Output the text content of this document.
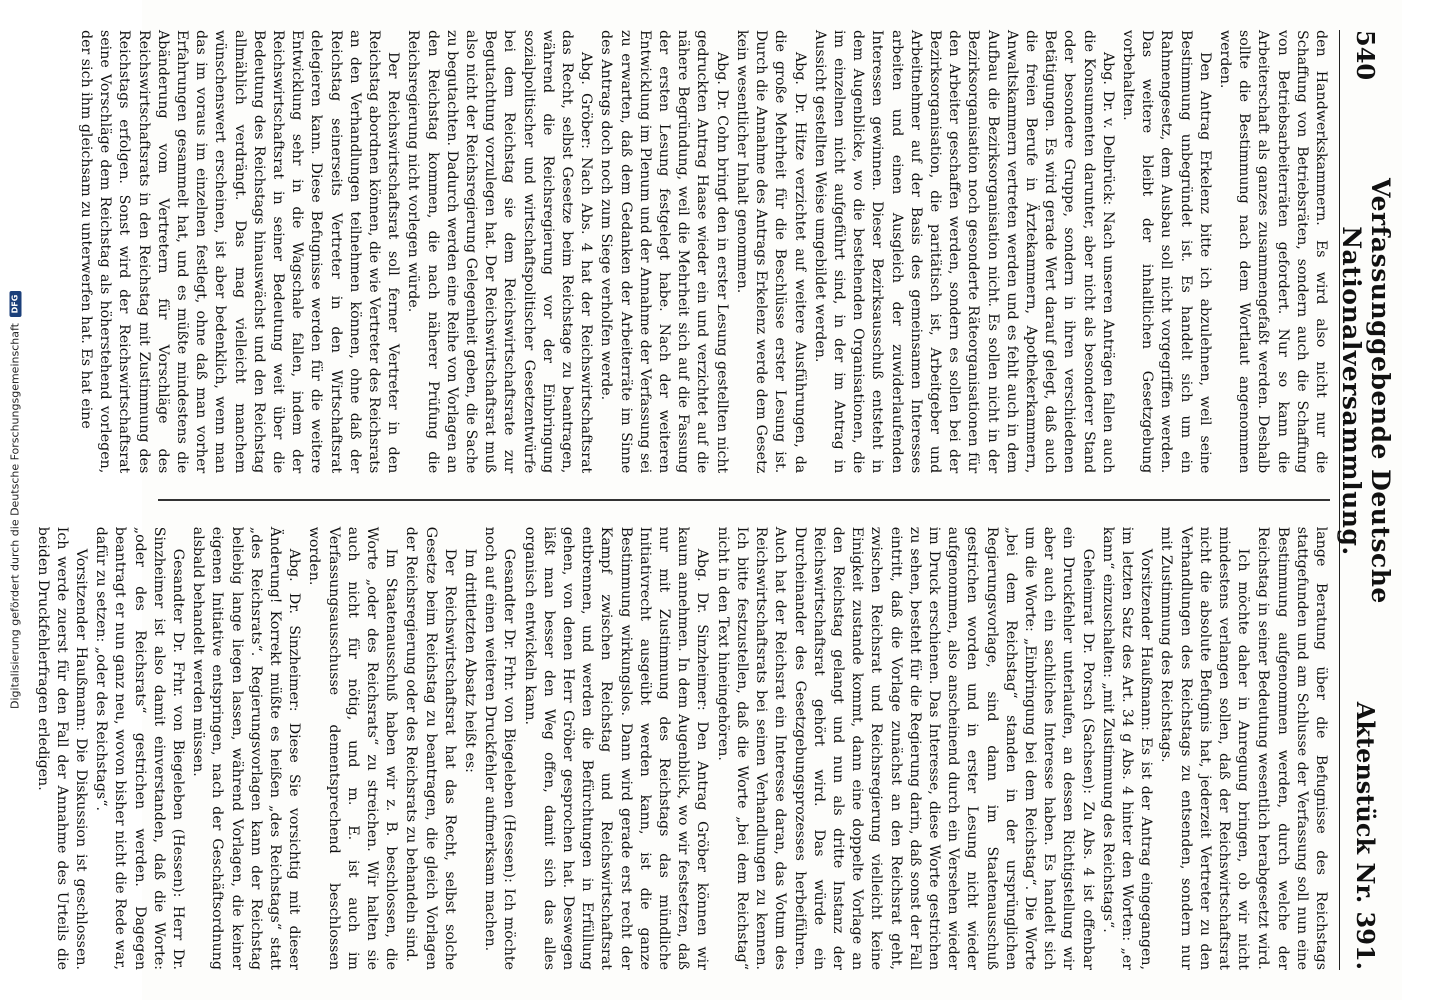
Digitalisierung gefördert durch die Deutsche Forschungsgemeinschaft
DFG
540
Verfassunggebende Deutsche Nationalversammlung.
Aktenstück Nr. 391.

den Handwerkskammern. Es wird also nicht nur die Schaffung von Betriebsräten, sondern auch die Schaffung von Betriebsarbeiterräten gefordert. Nur so kann die Arbeiterschaft als ganzes zusammengefaßt werden. Deshalb sollte die Bestimmung nach dem Wortlaut angenommen werden.

Den Antrag Erkelenz bitte ich abzulehnen, weil seine Bestimmung unbegründet ist. Es handelt sich um ein Rahmengesetz, dem Ausbau soll nicht vorgegriffen werden. Das weitere bleibt der inhaltlichen Gesetzgebung vorbehalten.

Abg. Dr. v. Delbrück: Nach unseren Anträgen fallen auch die Konsumenten darunter, aber nicht als besonderer Stand oder besondere Gruppe, sondern in ihren verschiedenen Betätigungen. Es wird gerade Wert darauf gelegt, daß auch die freien Berufe in Ärztekammern, Apothekerkammern, Anwaltskammern vertreten werden und es fehlt auch in dem Aufbau die Bezirksorganisation nicht. Es sollen nicht in der Bezirksorganisation noch gesonderte Räteorganisationen für den Arbeiter geschaffen werden, sondern es sollen bei der Bezirksorganisation, die paritätisch ist, Arbeitgeber und Arbeitnehmer auf der Basis des gemeinsamen Interesses arbeiten und einen Ausgleich der zuwiderlaufenden Interessen gewinnen. Dieser Bezirksausschuß entsteht in dem Augenblicke, wo die bestehenden Organisationen, die im einzelnen nicht aufgeführt sind, in der im Antrag in Aussicht gestellten Weise umgebildet werden.

Abg. Dr. Hitze verzichtet auf weitere Ausführungen, da die große Mehrheit für die Beschlüsse erster Lesung ist. Durch die Annahme des Antrags Erkelenz werde dem Gesetz kein wesentlicher Inhalt genommen.

Abg. Dr. Cohn bringt den in erster Lesung gestellten nicht gedruckten Antrag Haase wieder ein und verzichtet auf die nähere Begründung, weil die Mehrheit sich auf die Fassung der ersten Lesung festgelegt habe. Nach der weiteren Entwicklung im Plenum und der Annahme der Verfassung sei zu erwarten, daß dem Gedanken der Arbeiterräte im Sinne des Antrags doch noch zum Siege verholfen werde.

Abg. Gröber: Nach Abs. 4 hat der Reichswirtschaftsrat das Recht, selbst Gesetze beim Reichstage zu beantragen, während die Reichsregierung vor der Einbringung sozialpolitischer und wirtschaftspolitischer Gesetzentwürfe bei dem Reichstag sie dem Reichswirtschaftsrate zur Begutachtung vorzulegen hat. Der Reichswirtschaftsrat muß also nicht der Reichsregierung Gelegenheit geben, die Sache zu begutachten. Dadurch werden eine Reihe von Vorlagen an den Reichstag kommen, die nach näherer Prüfung die Reichsregierung nicht vorlegen würde.

Der Reichswirtschaftsrat soll ferner Vertreter in den Reichstag abordnen können, die wie Vertreter des Reichsrats an den Verhandlungen teilnehmen können, ohne daß der Reichstag seinerseits Vertreter in den Wirtschaftsrat delegieren kann. Diese Befugnisse werden für die weitere Entwicklung sehr in die Wagschale fallen, indem der Reichswirtschaftsrat in seiner Bedeutung weit über die Bedeutung des Reichstags hinauswächst und den Reichstag allmählich verdrängt. Das mag vielleicht manchem wünschenswert erscheinen, ist aber bedenklich, wenn man das im voraus im einzelnen festlegt, ohne daß man vorher Erfahrungen gesammelt hat, und es müßte mindestens die Abänderung vom Vertretern für Vorschläge des Reichswirtschaftsrats in den Reichstag mit Zustimmung des Reichstags erfolgen. Sonst wird der Reichswirtschaftsrat seine Vorschläge dem Reichstag als höherstehend vorlegen, der sich ihm gleichsam zu unterwerfen hat. Es hat eine

lange Beratung über die Befugnisse des Reichstags stattgefunden und am Schlusse der Verfassung soll nun eine Bestimmung aufgenommen werden, durch welche der Reichstag in seiner Bedeutung wesentlich herabgesetzt wird.

Ich möchte daher in Anregung bringen, ob wir nicht mindestens verlangen sollen, daß der Reichswirtschaftsrat nicht die absolute Befugnis hat, jederzeit Vertreter zu den Verhandlungen des Reichstags zu entsenden, sondern nur mit Zustimmung des Reichstags.

Vorsitzender Haußmann: Es ist der Antrag eingegangen, im letzten Satz des Art. 34 g Abs. 4 hinter den Worten: „er kann“ einzuschalten: „mit Zustimmung des Reichstags“.

Geheimrat Dr. Porsch (Sachsen): Zu Abs. 4 ist offenbar ein Druckfehler unterlaufen, an dessen Richtigstellung wir aber auch ein sachliches Interesse haben. Es handelt sich um die Worte: „Einbringung bei dem Reichstag“. Die Worte „bei dem Reichstag“ standen in der ursprünglichen Regierungsvorlage, sind dann im Staatenausschuß gestrichen worden und in erster Lesung nicht wieder aufgenommen, also anscheinend durch ein Versehen wieder im Druck erschienen. Das Interesse, diese Worte gestrichen zu sehen, besteht für die Regierung darin, daß sonst der Fall eintritt, daß die Vorlage zunächst an den Reichsrat geht, zwischen Reichsrat und Reichsregierung vielleicht keine Einigkeit zustande kommt, dann eine doppelte Vorlage an den Reichstag gelangt und nun als dritte Instanz der Reichswirtschaftsrat gehört wird. Das würde ein Durcheinander des Gesetzgebungsprozesses herbeiführen. Auch hat der Reichsrat ein Interesse daran, das Votum des Reichswirtschaftsrats bei seinen Verhandlungen zu kennen. Ich bitte festzustellen, daß die Worte „bei dem Reichstag“ nicht in den Text hineingehören.

Abg. Dr. Sinzheimer: Den Antrag Gröber können wir kaum annehmen. In dem Augenblick, wo wir festsetzen, daß nur mit Zustimmung des Reichstags das mündliche Initiativrecht ausgeübt werden kann, ist die ganze Bestimmung wirkungslos. Dann wird gerade erst recht der Kampf zwischen Reichstag und Reichswirtschaftsrat entbrennen, und werden die Befürchtungen in Erfüllung gehen, von denen Herr Gröber gesprochen hat. Deswegen läßt man besser den Weg offen, damit sich das alles organisch entwickeln kann.

Gesandter Dr. Frhr. von Biegeleben (Hessen): Ich möchte noch auf einen weiteren Druckfehler aufmerksam machen.

Im drittletzten Absatz heißt es:

Der Reichswirtschaftsrat hat das Recht, selbst solche Gesetze beim Reichstag zu beantragen, die gleich Vorlagen der Reichsregierung oder des Reichsrats zu behandeln sind.

Im Staatenausschuß haben wir z. B. beschlossen, die Worte „oder des Reichsrats“ zu streichen. Wir halten sie auch nicht für nötig, und m. E. ist auch im Verfassungsausschusse dementsprechend beschlossen worden.

Abg. Dr. Sinzheimer: Diese Sie vorsichtig mit dieser Änderung! Korrekt müßte es heißen „des Reichstags“ statt „des Reichsrats“. Regierungsvorlagen kann der Reichstag beliebig lange liegen lassen, während Vorlagen, die keiner eigenen Initiative entspringen, nach der Geschäftsordnung alsbald behandelt werden müssen.

Gesandter Dr. Frhr. von Biegeleben (Hessen): Herr Dr. Sinzheimer ist also damit einverstanden, daß die Worte: „oder des Reichsrats“ gestrichen werden. Dagegen beantragt er nun ganz neu, wovon bisher nicht die Rede war, dafür zu setzen: „oder des Reichstags“.

Vorsitzender Haußmann: Die Diskussion ist geschlossen. Ich werde zuerst für den Fall der Annahme des Urteils die beiden Druckfehlerfragen erledigen.
